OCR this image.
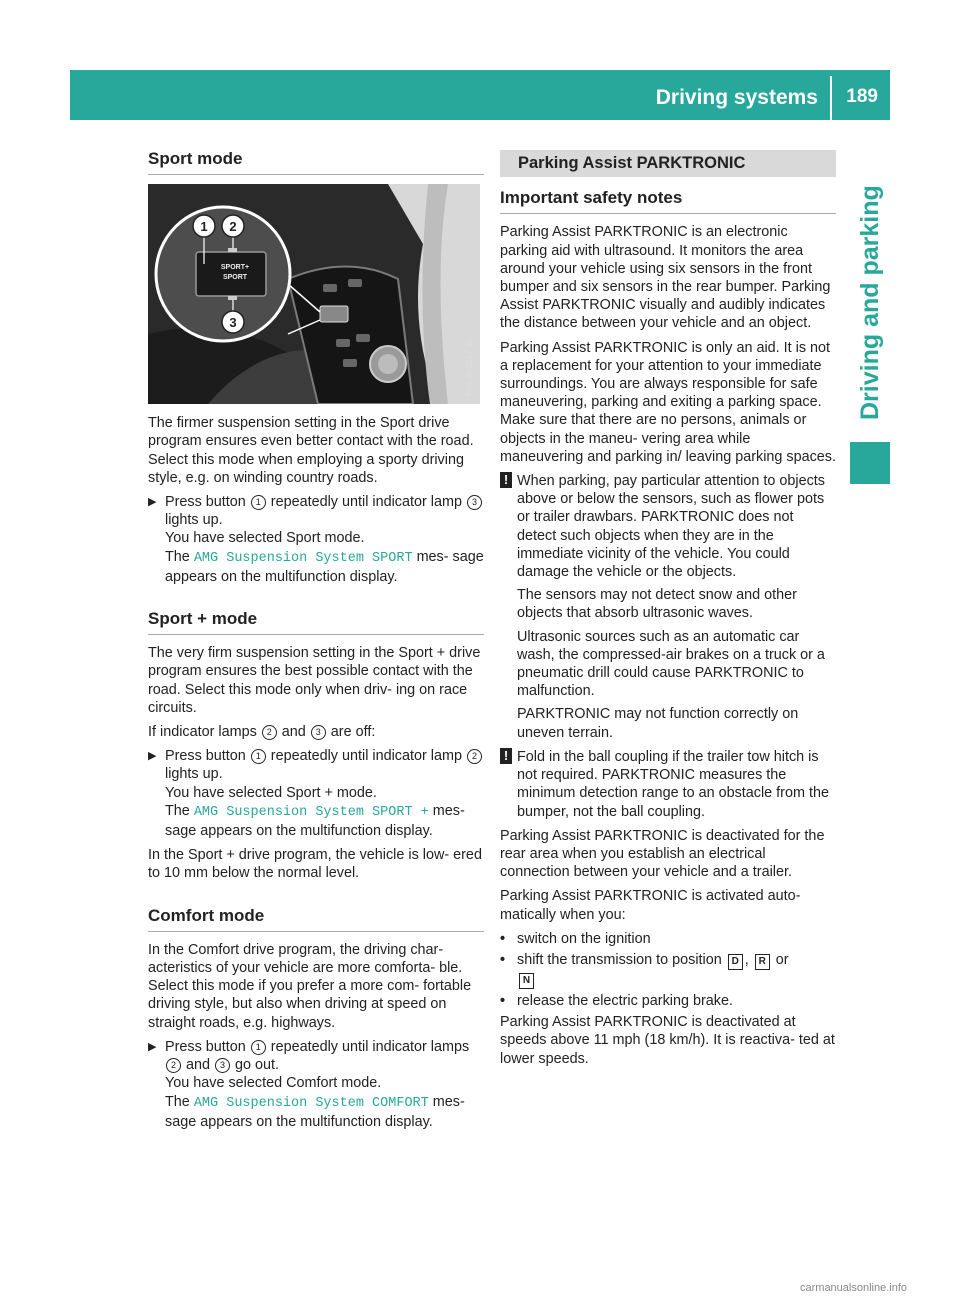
Driving systems 189
Driving and parking
Sport mode
SPORT+
SPORT
1 2
3
P54.20-0257-31

The firmer suspension setting in the Sport drive program ensures even better contact with the road. Select this mode when employing a sporty driving style, e.g. on winding country roads.

▶ Press button 1 repeatedly until indicator lamp 3 lights up.
You have selected Sport mode.
The AMG Suspension System SPORT mes- sage appears on the multifunction display.
Sport + mode

The very firm suspension setting in the Sport + drive program ensures the best possible contact with the road. Select this mode only when driv- ing on race circuits.

If indicator lamps 2 and 3 are off:

▶ Press button 1 repeatedly until indicator lamp 2 lights up.
You have selected Sport + mode.
The AMG Suspension System SPORT + mes- sage appears on the multifunction display.

In the Sport + drive program, the vehicle is low- ered to 10 mm below the normal level.

Comfort mode

In the Comfort drive program, the driving char- acteristics of your vehicle are more comforta- ble. Select this mode if you prefer a more com- fortable driving style, but also when driving at speed on straight roads, e.g. highways.

▶ Press button 1 repeatedly until indicator lamps 2 and 3 go out.
You have selected Comfort mode.
The AMG Suspension System COMFORT mes- sage appears on the multifunction display.
Parking Assist PARKTRONIC
Important safety notes

Parking Assist PARKTRONIC is an electronic parking aid with ultrasound. It monitors the area around your vehicle using six sensors in the front bumper and six sensors in the rear bumper. Parking Assist PARKTRONIC visually and audibly indicates the distance between your vehicle and an object.

Parking Assist PARKTRONIC is only an aid. It is not a replacement for your attention to your immediate surroundings. You are always responsible for safe maneuvering, parking and exiting a parking space. Make sure that there are no persons, animals or objects in the maneu- vering area while maneuvering and parking in/ leaving parking spaces.

! When parking, pay particular attention to objects above or below the sensors, such as flower pots or trailer drawbars. PARKTRONIC does not detect such objects when they are in the immediate vicinity of the vehicle. You could damage the vehicle or the objects.

The sensors may not detect snow and other objects that absorb ultrasonic waves.

Ultrasonic sources such as an automatic car wash, the compressed-air brakes on a truck or a pneumatic drill could cause PARKTRONIC to malfunction.

PARKTRONIC may not function correctly on uneven terrain.

! Fold in the ball coupling if the trailer tow hitch is not required. PARKTRONIC measures the minimum detection range to an obstacle from the bumper, not the ball coupling.

Parking Assist PARKTRONIC is deactivated for the rear area when you establish an electrical connection between your vehicle and a trailer.

Parking Assist PARKTRONIC is activated auto- matically when you:

• switch on the ignition
• shift the transmission to position D , R or
N
• release the electric parking brake.

Parking Assist PARKTRONIC is deactivated at speeds above 11 mph (18 km/h). It is reactiva- ted at lower speeds.

carmanualsonline.info
